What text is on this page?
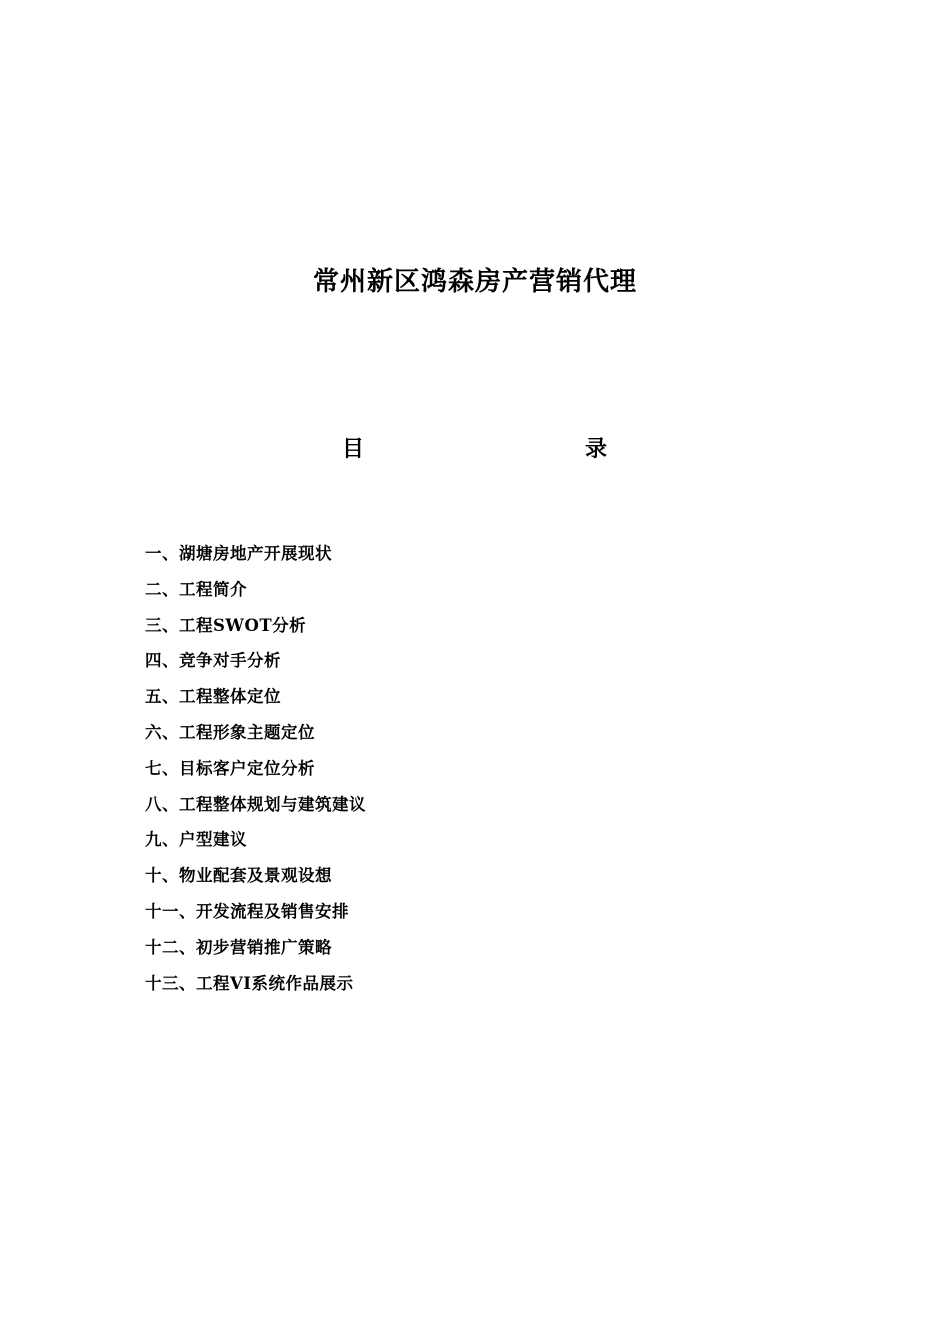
常州新区鸿森房产营销代理
目	录
一、湖塘房地产开展现状
二、工程简介
三、工程SWOT分析
四、竞争对手分析
五、工程整体定位
六、工程形象主题定位
七、目标客户定位分析
八、工程整体规划与建筑建议
九、户型建议
十、物业配套及景观设想
十一、开发流程及销售安排
十二、初步营销推广策略
十三、工程VI系统作品展示
